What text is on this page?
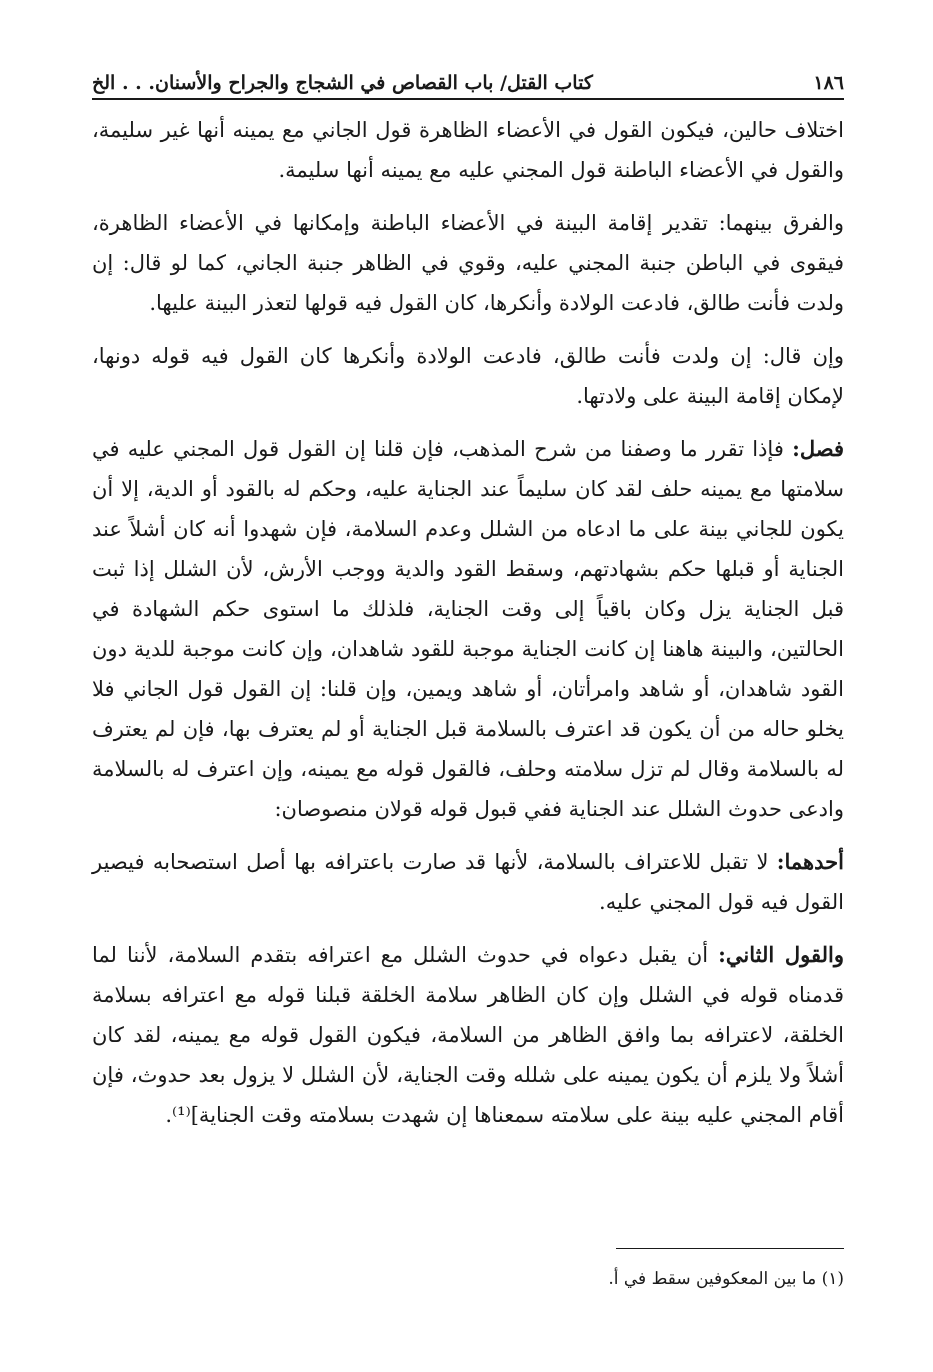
١٨٦
كتاب القتل/ باب القصاص في الشجاج والجراح والأسنان. . . الخ

اختلاف حالين، فيكون القول في الأعضاء الظاهرة قول الجاني مع يمينه أنها غير سليمة، والقول في الأعضاء الباطنة قول المجني عليه مع يمينه أنها سليمة.

والفرق بينهما: تقدير إقامة البينة في الأعضاء الباطنة وإمكانها في الأعضاء الظاهرة، فيقوى في الباطن جنبة المجني عليه، وقوي في الظاهر جنبة الجاني، كما لو قال: إن ولدت فأنت طالق، فادعت الولادة وأنكرها، كان القول فيه قولها لتعذر البينة عليها.

وإن قال: إن ولدت فأنت طالق، فادعت الولادة وأنكرها كان القول فيه قوله دونها، لإمكان إقامة البينة على ولادتها.

فصل: فإذا تقرر ما وصفنا من شرح المذهب، فإن قلنا إن القول قول المجني عليه في سلامتها مع يمينه حلف لقد كان سليماً عند الجناية عليه، وحكم له بالقود أو الدية، إلا أن يكون للجاني بينة على ما ادعاه من الشلل وعدم السلامة، فإن شهدوا أنه كان أشلاً عند الجناية أو قبلها حكم بشهادتهم، وسقط القود والدية ووجب الأرش، لأن الشلل إذا ثبت قبل الجناية يزل وكان باقياً إلى وقت الجناية، فلذلك ما استوى حكم الشهادة في الحالتين، والبينة هاهنا إن كانت الجناية موجبة للقود شاهدان، وإن كانت موجبة للدية دون القود شاهدان، أو شاهد وامرأتان، أو شاهد ويمين، وإن قلنا: إن القول قول الجاني فلا يخلو حاله من أن يكون قد اعترف بالسلامة قبل الجناية أو لم يعترف بها، فإن لم يعترف له بالسلامة وقال لم تزل سلامته وحلف، فالقول قوله مع يمينه، وإن اعترف له بالسلامة وادعى حدوث الشلل عند الجناية ففي قبول قوله قولان منصوصان:

أحدهما: لا تقبل للاعتراف بالسلامة، لأنها قد صارت باعترافه بها أصل استصحابه فيصير القول فيه قول المجني عليه.

والقول الثاني: أن يقبل دعواه في حدوث الشلل مع اعترافه بتقدم السلامة، لأننا لما قدمناه قوله في الشلل وإن كان الظاهر سلامة الخلقة قبلنا قوله مع اعترافه بسلامة الخلقة، لاعترافه بما وافق الظاهر من السلامة، فيكون القول قوله مع يمينه، لقد كان أشلاً ولا يلزم أن يكون يمينه على شلله وقت الجناية، لأن الشلل لا يزول بعد حدوث، فإن أقام المجني عليه بينة على سلامته سمعناها إن شهدت بسلامته وقت الجناية]⁽¹⁾.

(١) ما بين المعكوفين سقط في أ.
